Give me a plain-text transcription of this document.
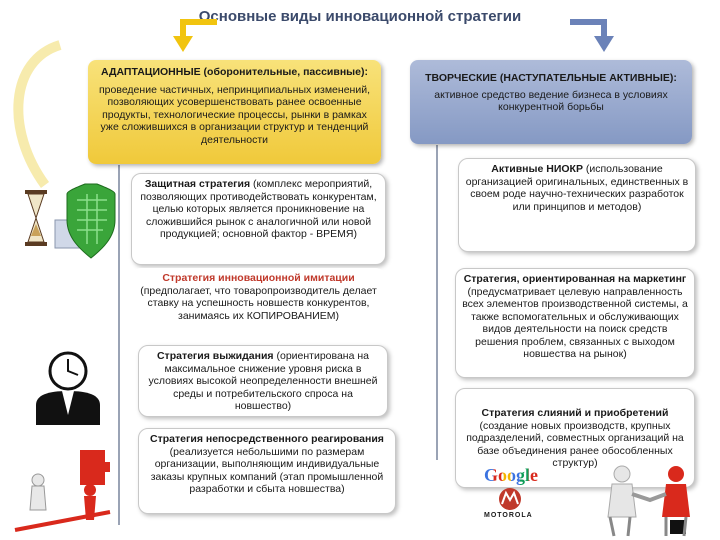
Основные виды инновационной стратегии
АДАПТАЦИОННЫЕ (оборонительные, пассивные):
проведение частичных, непринципиальных изменений, позволяющих усовершенствовать ранее освоенные продукты, технологические процессы, рынки в рамках уже сложившихся в организации структур и тенденций деятельности
ТВОРЧЕСКИЕ (НАСТУПАТЕЛЬНЫЕ АКТИВНЫЕ):
активное средство ведение бизнеса в условиях конкурентной борьбы
Защитная стратегия (комплекс мероприятий, позволяющих противодействовать конкурентам, целью которых является проникновение на сложившийся рынок с аналогичной или новой продукцией; основной фактор - ВРЕМЯ)
Стратегия инновационной имитации
(предполагает, что товаропроизводитель делает ставку на успешность новшеств конкурентов, занимаясь их КОПИРОВАНИЕМ)
Стратегия выжидания (ориентирована на максимальное снижение уровня риска в условиях высокой неопределенности внешней среды и потребительского спроса на новшество)
Стратегия непосредственного реагирования (реализуется небольшими по размерам организации, выполняющим индивидуальные заказы крупных компаний (этап промышленной разработки и сбыта новшества)
Активные НИОКР (использование организацией оригинальных, единственных в своем роде научно-технических разработок или принципов и методов)
Стратегия, ориентированная на маркетинг (предусматривает целевую направленность всех элементов производственной системы, а также вспомогательных и обслуживающих видов деятельности на поиск средств решения проблем, связанных с выходом новшества на рынок)
Стратегия слияний и приобретений
(создание новых производств, крупных подразделений, совместных организаций на базе объединения ранее обособленных структур)
Google
MOTOROLA
